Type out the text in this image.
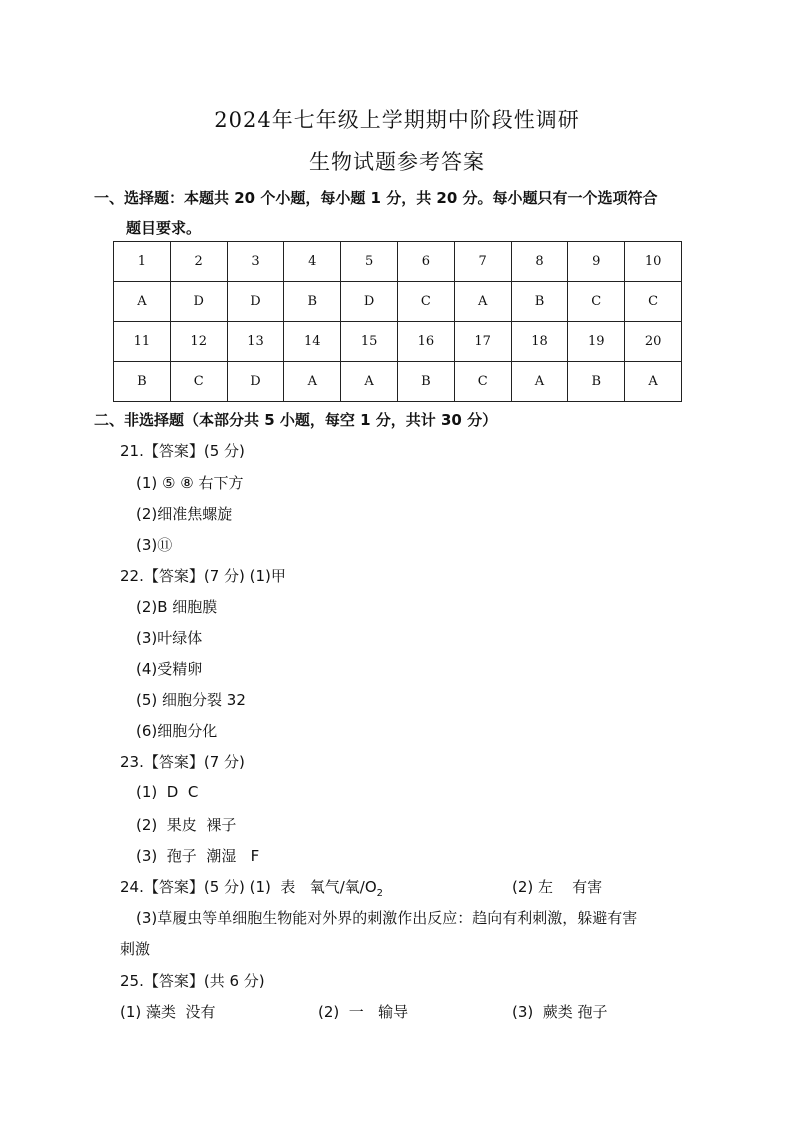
2024年七年级上学期期中阶段性调研
生物试题参考答案
一、选择题：本题共 20 个小题，每小题 1 分，共 20 分。每小题只有一个选项符合
题目要求。
1	2	3	4	5	6	7	8	9	10
A	D	D	B	D	C	A	B	C	C
11	12	13	14	15	16	17	18	19	20
B	C	D	A	A	B	C	A	B	A
二、非选择题（本部分共 5 小题，每空 1 分，共计 30 分）
21.【答案】(5 分)
(1) ⑤ ⑧ 右下方
(2)细准焦螺旋
(3)⑪
22.【答案】(7 分) (1)甲
(2)B 细胞膜
(3)叶绿体
(4)受精卵
(5) 细胞分裂 32
(6)细胞分化
23.【答案】(7 分)
(1)  D  C
(2)  果皮  裸子
(3)  孢子  潮湿   F
24.【答案】(5 分) (1)  表   氧气/氧$/O_2$	(2) 左    有害
(3)草履虫等单细胞生物能对外界的刺激作出反应：趋向有利刺激，躲避有害
刺激
25.【答案】(共 6 分)
(1) 藻类  没有	(2)  一   输导	(3)  蕨类 孢子
